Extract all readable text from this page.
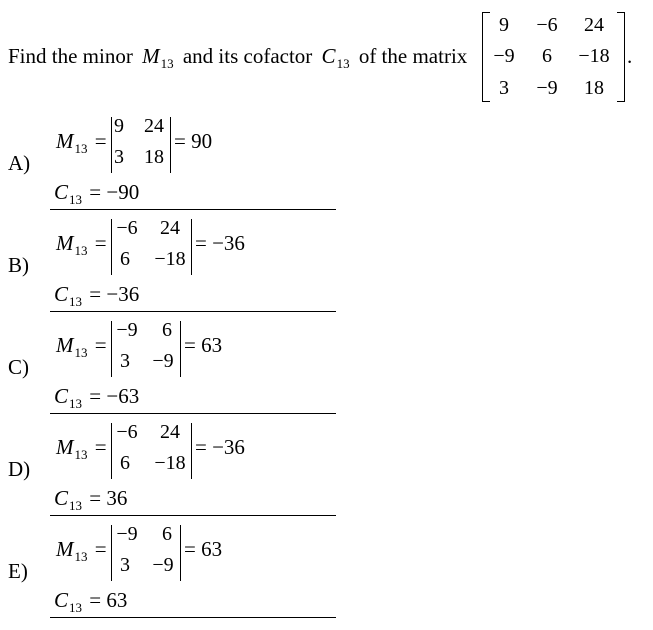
Find the minor $M_{13}$ and its cofactor $C_{13}$ of the matrix
9	−6	24
−9	6	−18
3	−9	18
.
A)
$M_{13}$ =
9	24
3	18
= 90
$C_{13} = -90$
B)
$M_{13}$ =
−6	24
6	−18
= −36
$C_{13} = -36$
C)
$M_{13}$ =
−9	6
3	−9
= 63
$C_{13} = -63$
D)
$M_{13}$ =
−6	24
6	−18
= −36
$C_{13} = 36$
E)
$M_{13}$ =
−9	6
3	−9
= 63
$C_{13} = 63$
